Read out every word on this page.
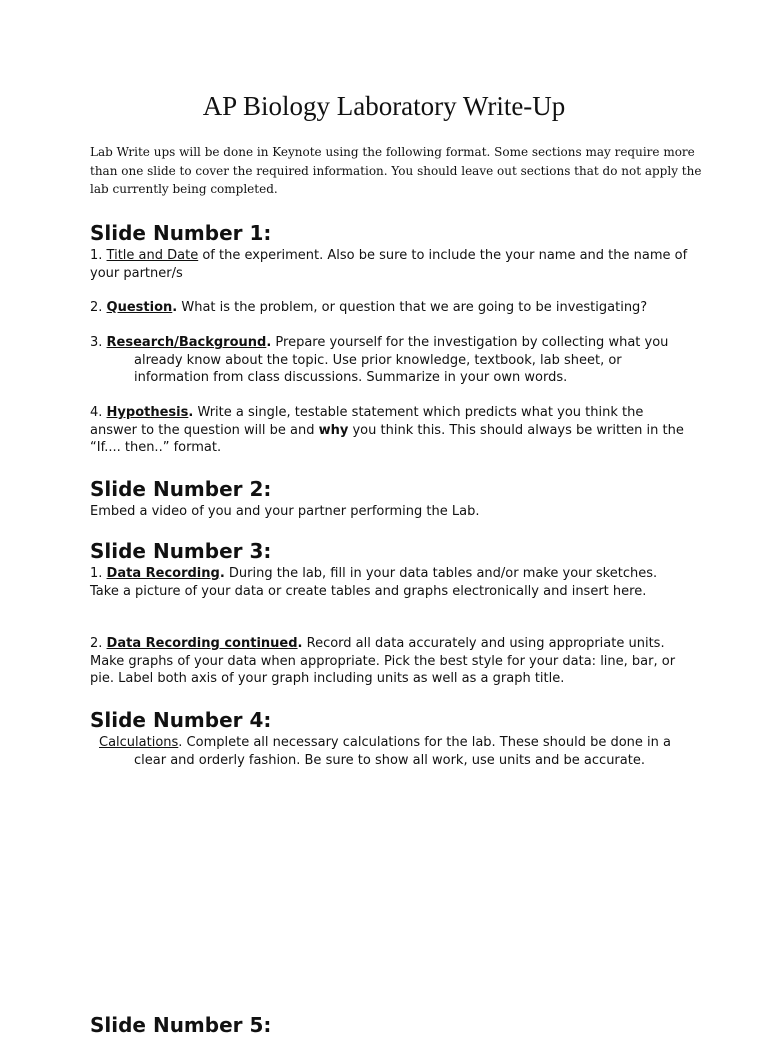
AP Biology Laboratory Write-Up

Lab Write ups will be done in Keynote using the following format. Some sections may require more than one slide to cover the required information. You should leave out sections that do not apply the lab currently being completed.

Slide Number 1:

1. Title and Date of the experiment. Also be sure to include the your name and the name of your partner/s

2. Question. What is the problem, or question that we are going to be investigating?

3. Research/Background. Prepare yourself for the investigation by collecting what you already know about the topic. Use prior knowledge, textbook, lab sheet, or information from class discussions. Summarize in your own words.

4. Hypothesis. Write a single, testable statement which predicts what you think the answer to the question will be and why you think this. This should always be written in the “If.... then..” format.

Slide Number 2:

Embed a video of you and your partner performing the Lab.

Slide Number 3:

1. Data Recording. During the lab, fill in your data tables and/or make your sketches. Take a picture of your data or create tables and graphs electronically and insert here.

2. Data Recording continued. Record all data accurately and using appropriate units. Make graphs of your data when appropriate. Pick the best style for your data: line, bar, or pie. Label both axis of your graph including units as well as a graph title.

Slide Number 4:

Calculations. Complete all necessary calculations for the lab. These should be done in a clear and orderly fashion. Be sure to show all work, use units and be accurate.

Slide Number 5:
